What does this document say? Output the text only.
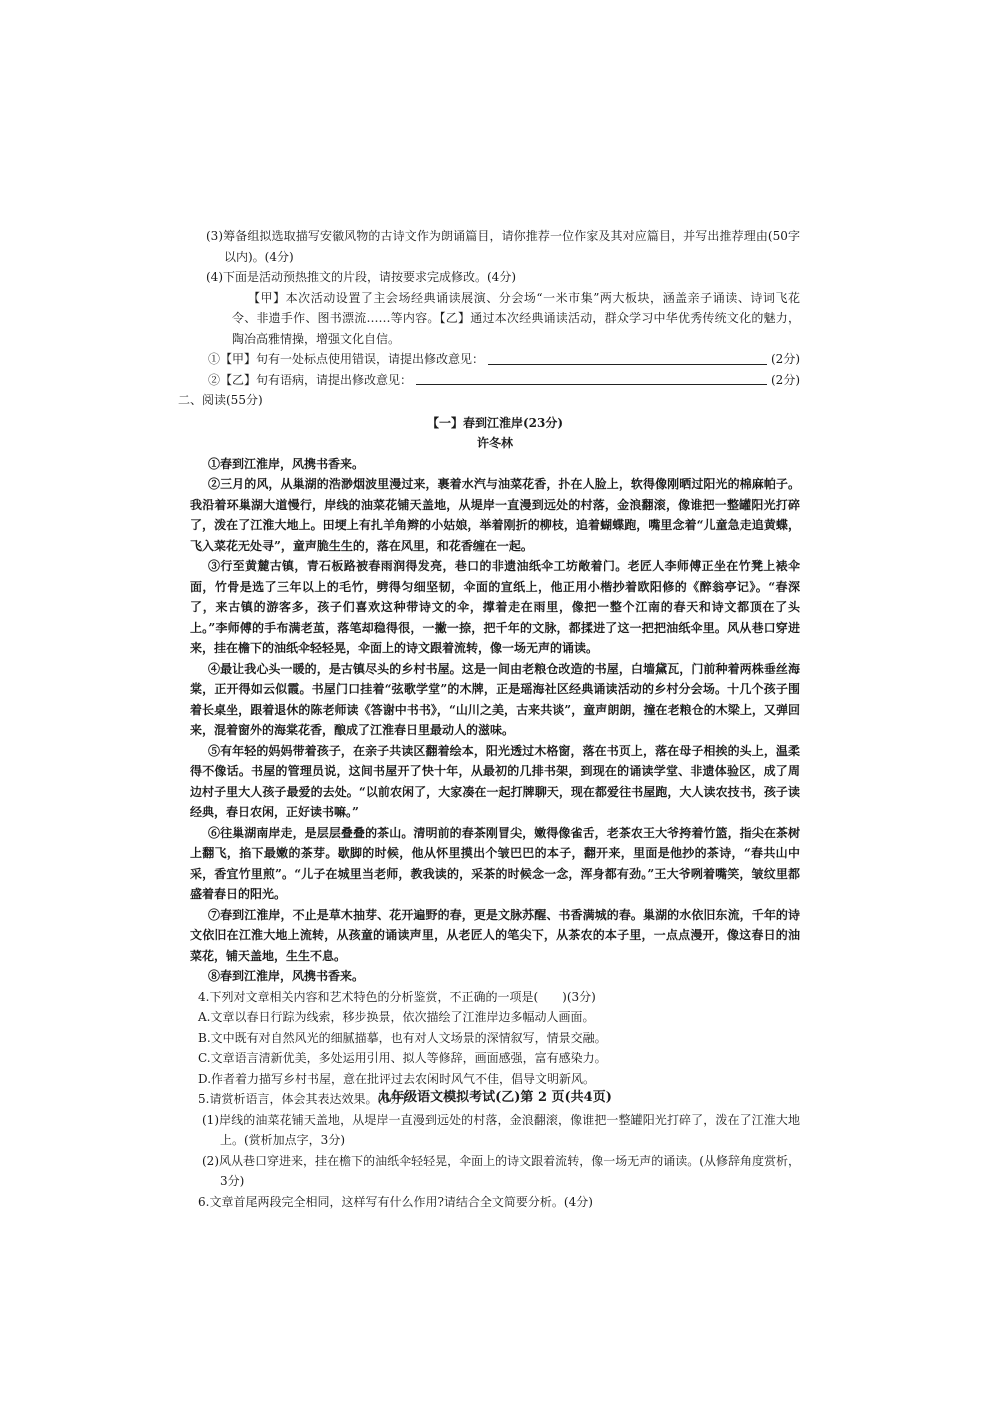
(3)筹备组拟选取描写安徽风物的古诗文作为朗诵篇目，请你推荐一位作家及其对应篇目，并写出推荐理由(50字以内)。(4分)

(4)下面是活动预热推文的片段，请按要求完成修改。(4分)

【甲】本次活动设置了主会场经典诵读展演、分会场“一米市集”两大板块，涵盖亲子诵读、诗词飞花令、非遗手作、图书漂流……等内容。【乙】通过本次经典诵读活动，群众学习中华优秀传统文化的魅力，陶冶高雅情操，增强文化自信。

①【甲】句有一处标点使用错误，请提出修改意见：	(2分)
②【乙】句有语病，请提出修改意见：	(2分)

二、阅读(55分)

【一】春到江淮岸(23分)

许冬林

①春到江淮岸，风携书香来。

②三月的风，从巢湖的浩渺烟波里漫过来，裹着水汽与油菜花香，扑在人脸上，软得像刚晒过阳光的棉麻帕子。我沿着环巢湖大道慢行，岸线的油菜花铺天盖地，从堤岸一直漫到远处的村落，金浪翻滚，像谁把一整罐阳光打碎了，泼在了江淮大地上。田埂上有扎羊角辫的小姑娘，举着刚折的柳枝，追着蝴蝶跑，嘴里念着“儿童急走追黄蝶，飞入菜花无处寻”，童声脆生生的，落在风里，和花香缠在一起。

③行至黄麓古镇，青石板路被春雨润得发亮，巷口的非遗油纸伞工坊敞着门。老匠人李师傅正坐在竹凳上裱伞面，竹骨是选了三年以上的毛竹，劈得匀细坚韧，伞面的宣纸上，他正用小楷抄着欧阳修的《醉翁亭记》。“春深了，来古镇的游客多，孩子们喜欢这种带诗文的伞，撑着走在雨里，像把一整个江南的春天和诗文都顶在了头上。”李师傅的手布满老茧，落笔却稳得很，一撇一捺，把千年的文脉，都揉进了这一把把油纸伞里。风从巷口穿进来，挂在檐下的油纸伞轻轻晃，伞面上的诗文跟着流转，像一场无声的诵读。

④最让我心头一暖的，是古镇尽头的乡村书屋。这是一间由老粮仓改造的书屋，白墙黛瓦，门前种着两株垂丝海棠，正开得如云似霞。书屋门口挂着“弦歌学堂”的木牌，正是瑶海社区经典诵读活动的乡村分会场。十几个孩子围着长桌坐，跟着退休的陈老师读《答谢中书书》，“山川之美，古来共谈”，童声朗朗，撞在老粮仓的木梁上，又弹回来，混着窗外的海棠花香，酿成了江淮春日里最动人的滋味。

⑤有年轻的妈妈带着孩子，在亲子共读区翻着绘本，阳光透过木格窗，落在书页上，落在母子相挨的头上，温柔得不像话。书屋的管理员说，这间书屋开了快十年，从最初的几排书架，到现在的诵读学堂、非遗体验区，成了周边村子里大人孩子最爱的去处。“以前农闲了，大家凑在一起打牌聊天，现在都爱往书屋跑，大人读农技书，孩子读经典，春日农闲，正好读书嘛。”

⑥往巢湖南岸走，是层层叠叠的茶山。清明前的春茶刚冒尖，嫩得像雀舌，老茶农王大爷挎着竹篮，指尖在茶树上翻飞，掐下最嫩的茶芽。歇脚的时候，他从怀里摸出个皱巴巴的本子，翻开来，里面是他抄的茶诗，“春共山中采，香宜竹里煎”。“儿子在城里当老师，教我读的，采茶的时候念一念，浑身都有劲。”王大爷咧着嘴笑，皱纹里都盛着春日的阳光。

⑦春到江淮岸，不止是草木抽芽、花开遍野的春，更是文脉苏醒、书香满城的春。巢湖的水依旧东流，千年的诗文依旧在江淮大地上流转，从孩童的诵读声里，从老匠人的笔尖下，从茶农的本子里，一点点漫开，像这春日的油菜花，铺天盖地，生生不息。

⑧春到江淮岸，风携书香来。

4.下列对文章相关内容和艺术特色的分析鉴赏，不正确的一项是(　　)(3分)

A.文章以春日行踪为线索，移步换景，依次描绘了江淮岸边多幅动人画面。

B.文中既有对自然风光的细腻描摹，也有对人文场景的深情叙写，情景交融。

C.文章语言清新优美，多处运用引用、拟人等修辞，画面感强，富有感染力。

D.作者着力描写乡村书屋，意在批评过去农闲时风气不佳，倡导文明新风。

5.请赏析语言，体会其表达效果。(6分)

(1)岸线的油菜花铺天盖地，从堤岸一直漫到远处的村落，金浪翻滚，像谁把一整罐阳光打碎了，泼在了江淮大地上。(赏析加点字，3分)

(2)风从巷口穿进来，挂在檐下的油纸伞轻轻晃，伞面上的诗文跟着流转，像一场无声的诵读。(从修辞角度赏析，3分)

6.文章首尾两段完全相同，这样写有什么作用?请结合全文简要分析。(4分)

九年级语文模拟考试(乙)第 2 页(共4页)
